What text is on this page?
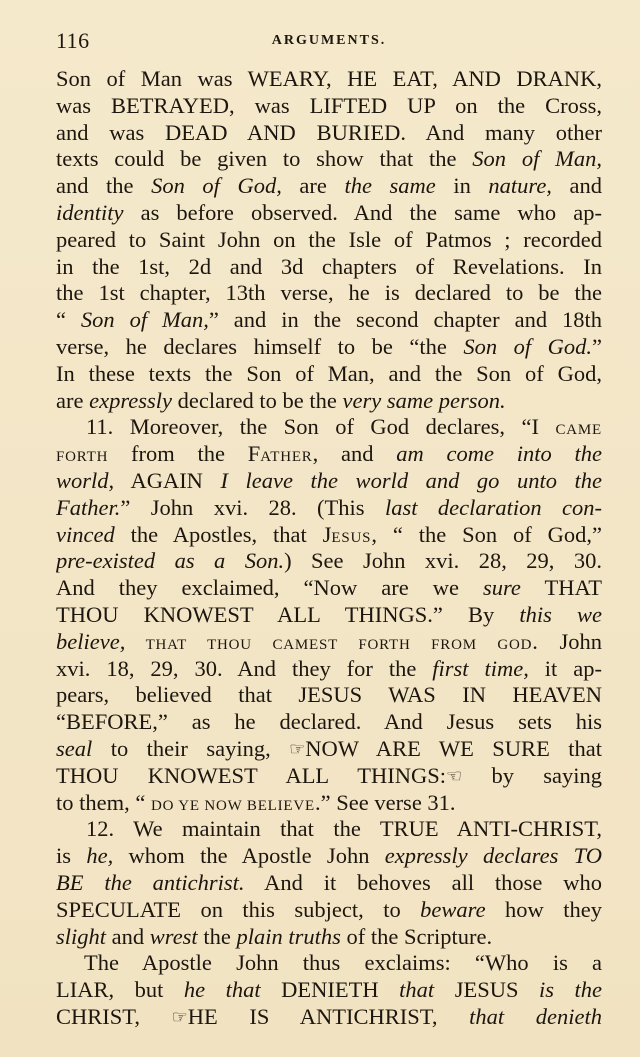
116	ARGUMENTS.
Son of Man was WEARY, HE EAT, AND DRANK,
was BETRAYED, was LIFTED UP on the Cross,
and was DEAD AND BURIED. And many other
texts could be given to show that the Son of Man,
and the Son of God, are the same in nature, and
identity as before observed. And the same who ap-
peared to Saint John on the Isle of Patmos ; recorded
in the 1st, 2d and 3d chapters of Revelations. In
the 1st chapter, 13th verse, he is declared to be the
“ Son of Man,” and in the second chapter and 18th
verse, he declares himself to be “the Son of God.”
In these texts the Son of Man, and the Son of God,
are expressly declared to be the very same person.
11. Moreover, the Son of God declares, “I CAME
FORTH from the FATHER, and am come into the
world, AGAIN I leave the world and go unto the
Father.” John xvi. 28. (This last declaration con-
vinced the Apostles, that JESUS, “ the Son of God,”
pre-existed as a Son.) See John xvi. 28, 29, 30.
And they exclaimed, “Now are we sure THAT
THOU KNOWEST ALL THINGS.” By this we
believe, THAT THOU CAMEST FORTH FROM GOD. John
xvi. 18, 29, 30. And they for the first time, it ap-
pears, believed that JESUS WAS IN HEAVEN
“BEFORE,” as he declared. And Jesus sets his
seal to their saying, ☞NOW ARE WE SURE that
THOU KNOWEST ALL THINGS:☜ by saying
to them, “ DO YE NOW BELIEVE.” See verse 31.
12. We maintain that the TRUE ANTI-CHRIST,
is he, whom the Apostle John expressly declares TO
BE the antichrist. And it behoves all those who
SPECULATE on this subject, to beware how they
slight and wrest the plain truths of the Scripture.
The Apostle John thus exclaims: “Who is a
LIAR, but he that DENIETH that JESUS is the
CHRIST, ☞HE IS ANTICHRIST, that denieth
